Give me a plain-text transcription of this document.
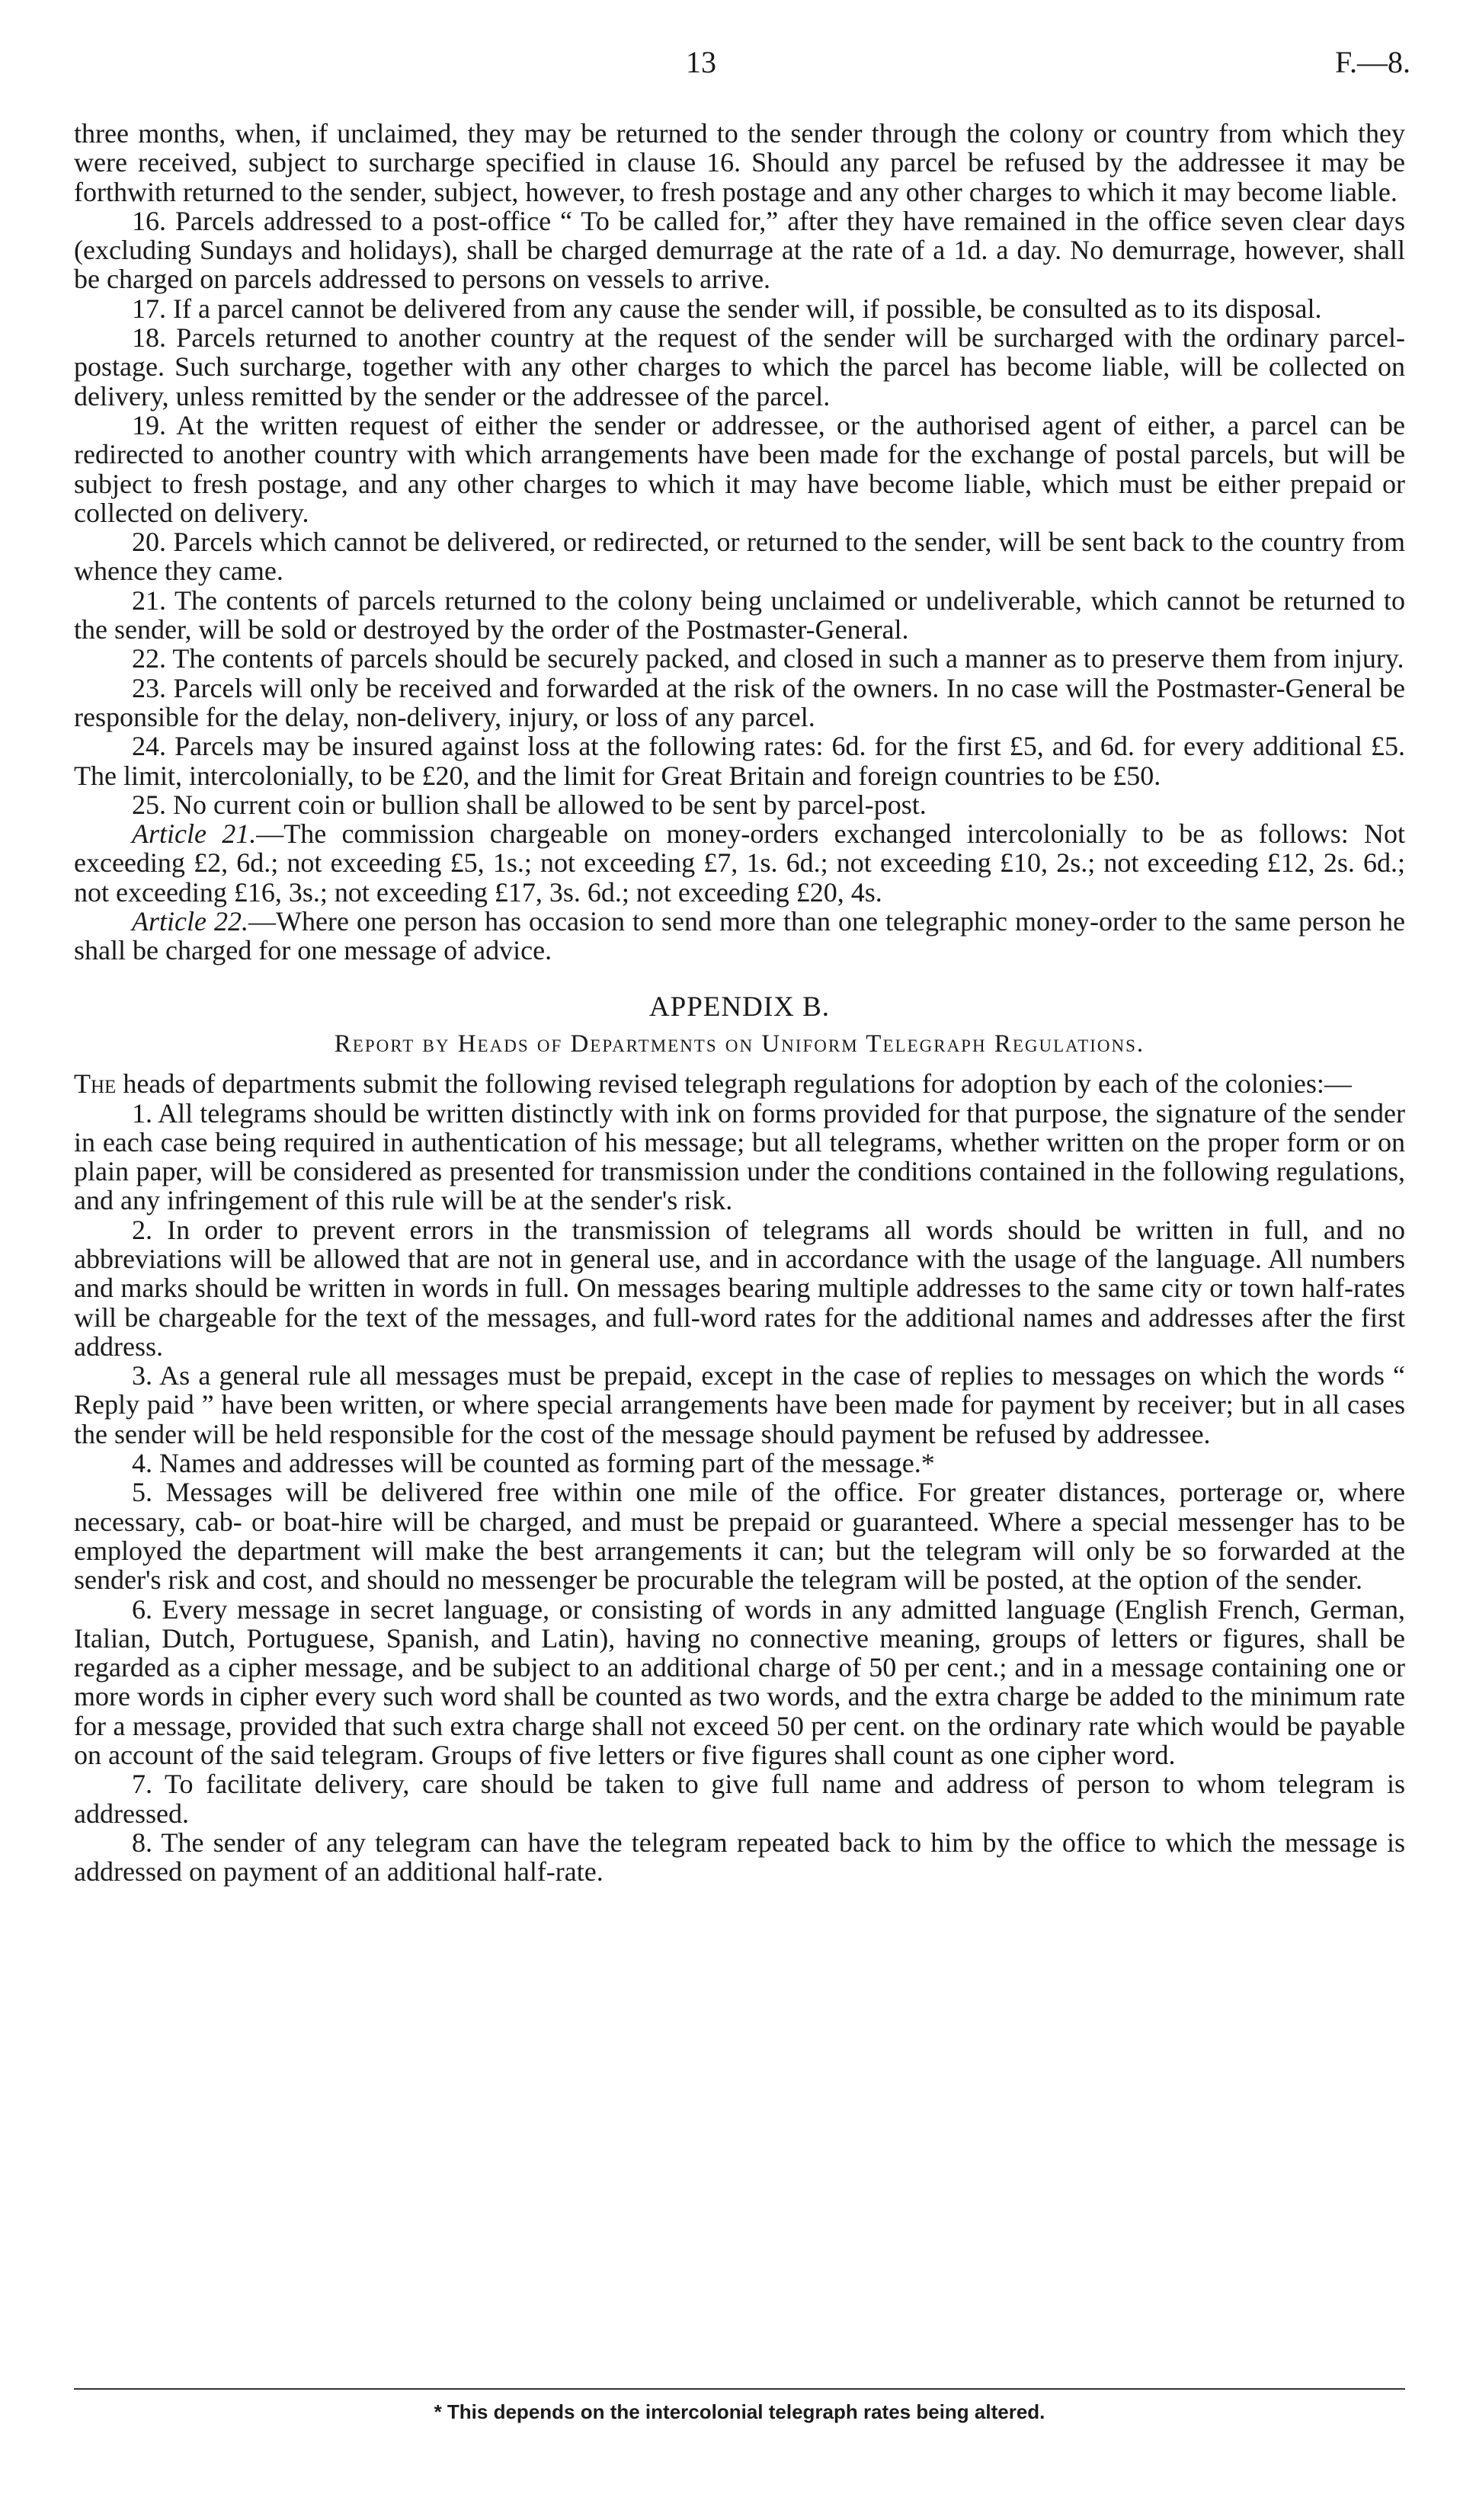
13	F.—8.

three months, when, if unclaimed, they may be returned to the sender through the colony or country from which they were received, subject to surcharge specified in clause 16. Should any parcel be refused by the addressee it may be forthwith returned to the sender, subject, however, to fresh postage and any other charges to which it may become liable.

16. Parcels addressed to a post-office “ To be called for,” after they have remained in the office seven clear days (excluding Sundays and holidays), shall be charged demurrage at the rate of a 1d. a day. No demurrage, however, shall be charged on parcels addressed to persons on vessels to arrive.

17. If a parcel cannot be delivered from any cause the sender will, if possible, be consulted as to its disposal.

18. Parcels returned to another country at the request of the sender will be surcharged with the ordinary parcel-postage. Such surcharge, together with any other charges to which the parcel has become liable, will be collected on delivery, unless remitted by the sender or the addressee of the parcel.

19. At the written request of either the sender or addressee, or the authorised agent of either, a parcel can be redirected to another country with which arrangements have been made for the exchange of postal parcels, but will be subject to fresh postage, and any other charges to which it may have become liable, which must be either prepaid or collected on delivery.

20. Parcels which cannot be delivered, or redirected, or returned to the sender, will be sent back to the country from whence they came.

21. The contents of parcels returned to the colony being unclaimed or undeliverable, which cannot be returned to the sender, will be sold or destroyed by the order of the Postmaster-General.

22. The contents of parcels should be securely packed, and closed in such a manner as to preserve them from injury.

23. Parcels will only be received and forwarded at the risk of the owners. In no case will the Postmaster-General be responsible for the delay, non-delivery, injury, or loss of any parcel.

24. Parcels may be insured against loss at the following rates: 6d. for the first £5, and 6d. for every additional £5. The limit, intercolonially, to be £20, and the limit for Great Britain and foreign countries to be £50.

25. No current coin or bullion shall be allowed to be sent by parcel-post.

Article 21.—The commission chargeable on money-orders exchanged intercolonially to be as follows: Not exceeding £2, 6d.; not exceeding £5, 1s.; not exceeding £7, 1s. 6d.; not exceeding £10, 2s.; not exceeding £12, 2s. 6d.; not exceeding £16, 3s.; not exceeding £17, 3s. 6d.; not exceeding £20, 4s.

Article 22.—Where one person has occasion to send more than one telegraphic money-order to the same person he shall be charged for one message of advice.

APPENDIX B.
Report by Heads of Departments on Uniform Telegraph Regulations.

The heads of departments submit the following revised telegraph regulations for adoption by each of the colonies:—

1. All telegrams should be written distinctly with ink on forms provided for that purpose, the signature of the sender in each case being required in authentication of his message; but all telegrams, whether written on the proper form or on plain paper, will be considered as presented for transmission under the conditions contained in the following regulations, and any infringement of this rule will be at the sender's risk.

2. In order to prevent errors in the transmission of telegrams all words should be written in full, and no abbreviations will be allowed that are not in general use, and in accordance with the usage of the language. All numbers and marks should be written in words in full. On messages bearing multiple addresses to the same city or town half-rates will be chargeable for the text of the messages, and full-word rates for the additional names and addresses after the first address.

3. As a general rule all messages must be prepaid, except in the case of replies to messages on which the words “ Reply paid ” have been written, or where special arrangements have been made for payment by receiver; but in all cases the sender will be held responsible for the cost of the message should payment be refused by addressee.

4. Names and addresses will be counted as forming part of the message.*

5. Messages will be delivered free within one mile of the office. For greater distances, porterage or, where necessary, cab- or boat-hire will be charged, and must be prepaid or guaranteed. Where a special messenger has to be employed the department will make the best arrangements it can; but the telegram will only be so forwarded at the sender's risk and cost, and should no messenger be procurable the telegram will be posted, at the option of the sender.

6. Every message in secret language, or consisting of words in any admitted language (English French, German, Italian, Dutch, Portuguese, Spanish, and Latin), having no connective meaning, groups of letters or figures, shall be regarded as a cipher message, and be subject to an additional charge of 50 per cent.; and in a message containing one or more words in cipher every such word shall be counted as two words, and the extra charge be added to the minimum rate for a message, provided that such extra charge shall not exceed 50 per cent. on the ordinary rate which would be payable on account of the said telegram. Groups of five letters or five figures shall count as one cipher word.

7. To facilitate delivery, care should be taken to give full name and address of person to whom telegram is addressed.

8. The sender of any telegram can have the telegram repeated back to him by the office to which the message is addressed on payment of an additional half-rate.

* This depends on the intercolonial telegraph rates being altered.
